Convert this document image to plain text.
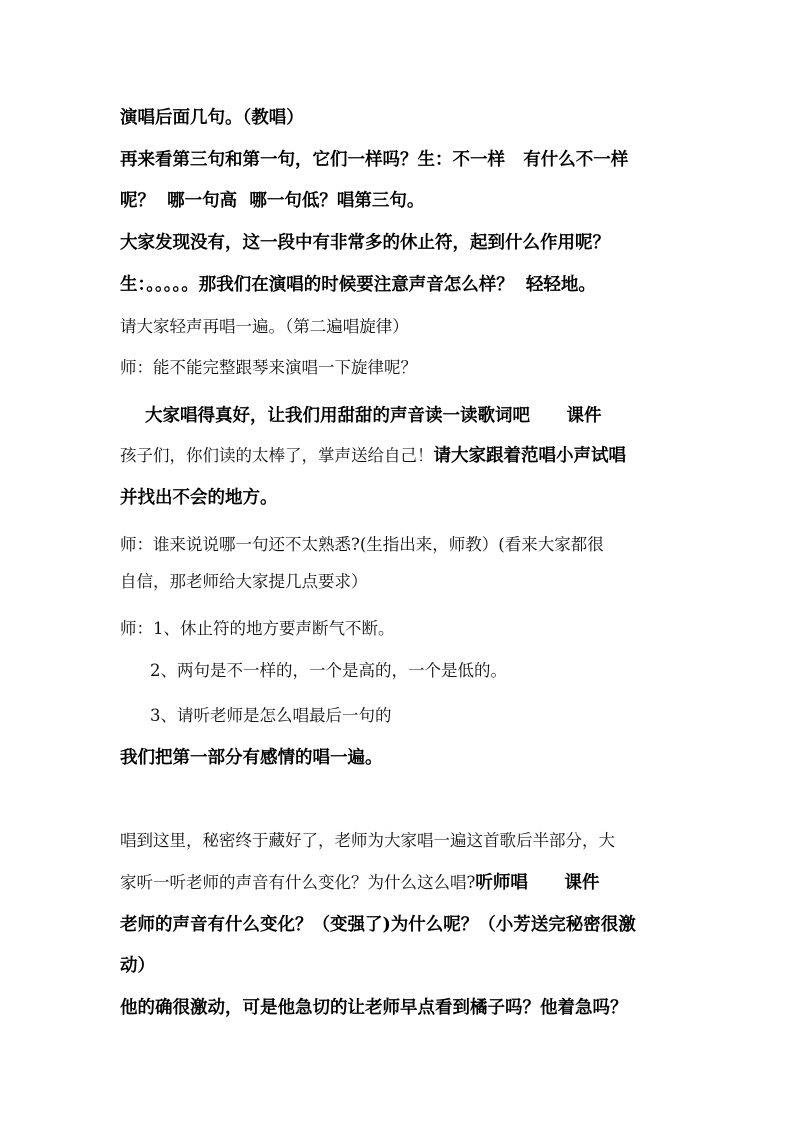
演唱后面几句。（教唱）
再来看第三句和第一句，它们一样吗？生：不一样   有什么不一样
呢？  哪一句高  哪一句低？唱第三句。
大家发现没有，这一段中有非常多的休止符，起到什么作用呢？
生：。。。。。那我们在演唱的时候要注意声音怎么样？  轻轻地。
请大家轻声再唱一遍。（第二遍唱旋律）
师：能不能完整跟琴来演唱一下旋律呢？
大家唱得真好，让我们用甜甜的声音读一读歌词吧      课件
孩子们，你们读的太棒了，掌声送给自己！请大家跟着范唱小声试唱
并找出不会的地方。
师：谁来说说哪一句还不太熟悉?(生指出来，师教）(看来大家都很
自信，那老师给大家提几点要求）
师：1、休止符的地方要声断气不断。
2、两句是不一样的，一个是高的，一个是低的。
3、请听老师是怎么唱最后一句的
我们把第一部分有感情的唱一遍。
唱到这里，秘密终于藏好了，老师为大家唱一遍这首歌后半部分，大
家听一听老师的声音有什么变化？为什么这么唱?听师唱      课件
老师的声音有什么变化？（变强了)为什么呢？（小芳送完秘密很激
动）
他的确很激动，可是他急切的让老师早点看到橘子吗？他着急吗？
